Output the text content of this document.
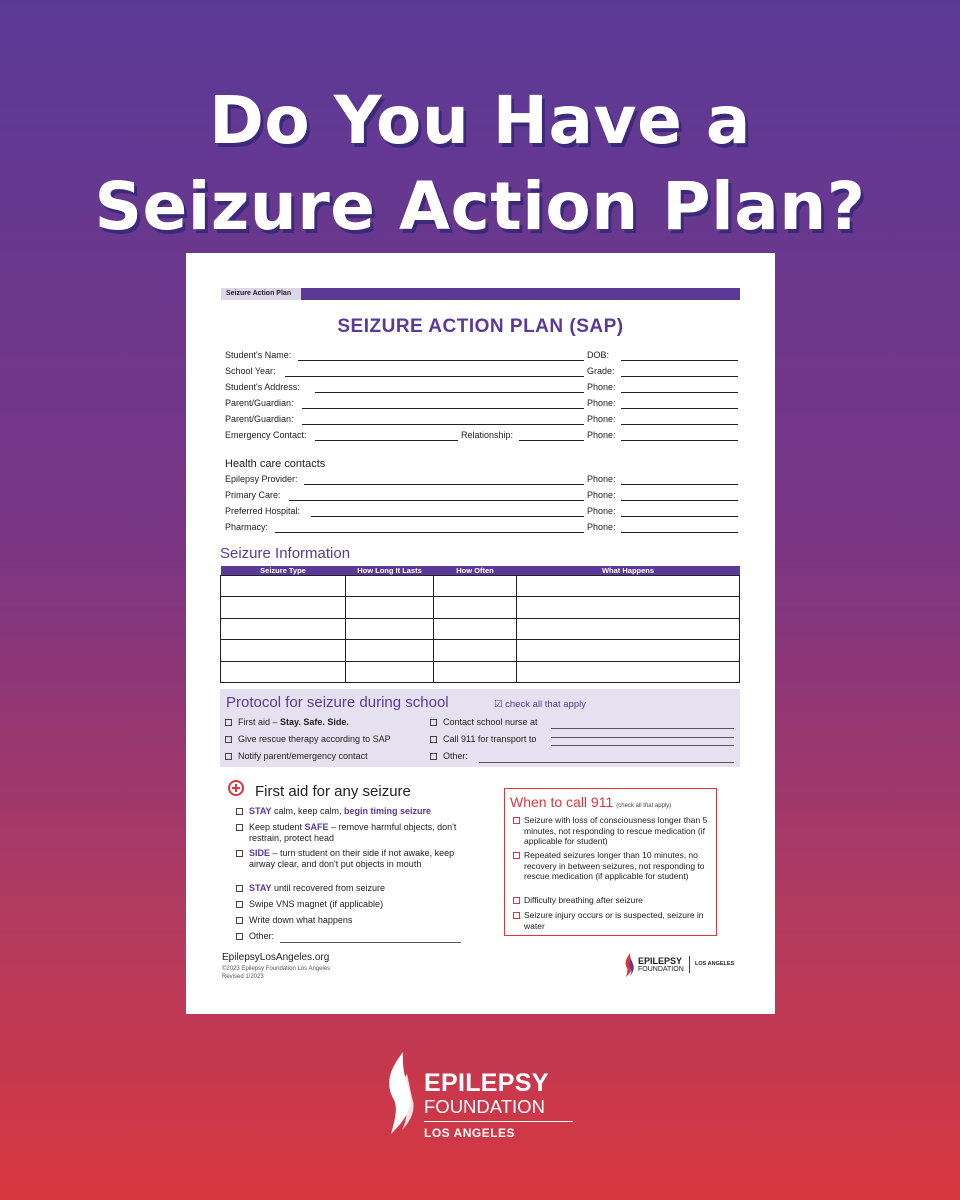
Do You Have a
Seizure Action Plan?
Seizure Action Plan
SEIZURE ACTION PLAN (SAP)
Student's Name:	DOB:
School Year:	Grade:
Student's Address:	Phone:
Parent/Guardian:	Phone:
Parent/Guardian:	Phone:
Emergency Contact:	Relationship:	Phone:
Health care contacts
Epilepsy Provider:	Phone:
Primary Care:	Phone:
Preferred Hospital:	Phone:
Pharmacy:	Phone:
Seizure Information
Seizure Type	How Long It Lasts	How Often	What Happens

Protocol for seizure during school	☑ check all that apply
First aid – Stay. Safe. Side.
Give rescue therapy according to SAP
Notify parent/emergency contact
Contact school nurse at
Call 911 for transport to
Other:
First aid for any seizure
STAY calm, keep calm, begin timing seizure
Keep student SAFE – remove harmful objects, don't restrain, protect head
SIDE – turn student on their side if not awake, keep airway clear, and don't put objects in mouth
STAY until recovered from seizure
Swipe VNS magnet (if applicable)
Write down what happens
Other:
When to call 911 (check all that apply)
Seizure with loss of consciousness longer than 5 minutes, not responding to rescue medication (if applicable for student)
Repeated seizures longer than 10 minutes, no recovery in between seizures, not responding to rescue medication (if applicable for student)
Difficulty breathing after seizure
Seizure injury occurs or is suspected, seizure in water
EpilepsyLosAngeles.org
©2023 Epilepsy Foundation Los Angeles
Revised 1/2023
EPILEPSY
FOUNDATION
LOS ANGELES
EPILEPSY
FOUNDATION
LOS ANGELES
